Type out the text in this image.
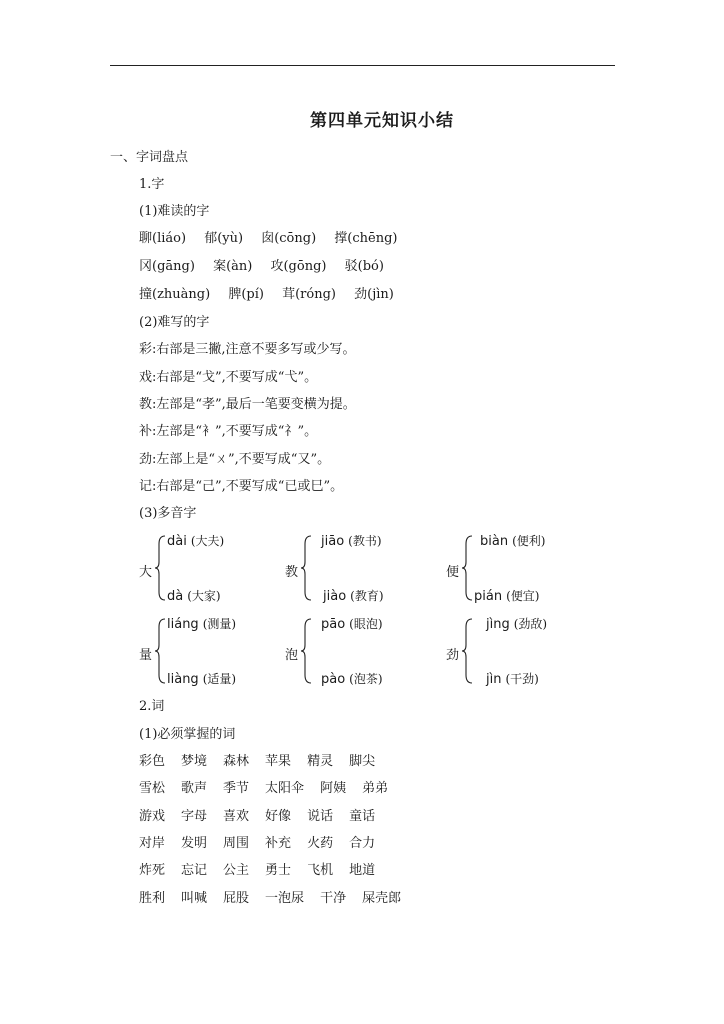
第四单元知识小结
一、字词盘点
1.字
(1)难读的字
聊(liáo) 郁(yù) 囱(cōng) 撑(chēng)
冈(gāng) 案(àn) 攻(gōng) 驳(bó)
撞(zhuàng) 脾(pí) 茸(róng) 劲(jìn)
(2)难写的字
彩:右部是三撇,注意不要多写或少写。
戏:右部是“戈”,不要写成“弋”。
教:左部是“孝”,最后一笔要变横为提。
补:左部是“衤”,不要写成“礻”。
劲:左部上是“ㄨ”,不要写成“又”。
记:右部是“己”,不要写成“已或巳”。
(3)多音字
大
dài (大夫)
dà (大家)
教
jiāo (教书)
jiào (教育)
便
biàn (便利)
pián (便宜)
量
liáng (测量)
liàng (适量)
泡
pāo (眼泡)
pào (泡茶)
劲
jìng (劲敌)
jìn (干劲)
2.词
(1)必须掌握的词
彩色 梦境 森林 苹果 精灵 脚尖
雪松 歌声 季节 太阳伞 阿姨 弟弟
游戏 字母 喜欢 好像 说话 童话
对岸 发明 周围 补充 火药 合力
炸死 忘记 公主 勇士 飞机 地道
胜利 叫喊 屁股 一泡尿 干净 屎壳郎
